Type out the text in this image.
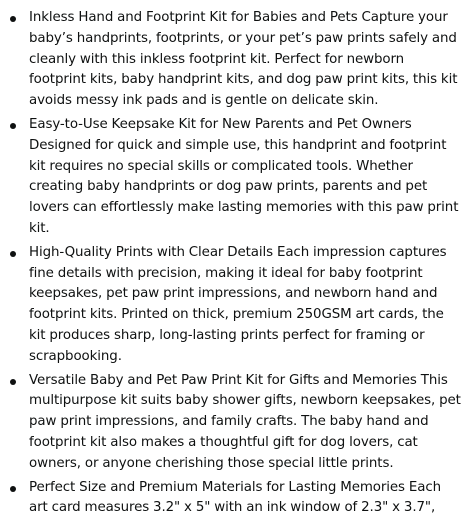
Inkless Hand and Footprint Kit for Babies and Pets Capture your baby’s handprints, footprints, or your pet’s paw prints safely and cleanly with this inkless footprint kit. Perfect for newborn footprint kits, baby handprint kits, and dog paw print kits, this kit avoids messy ink pads and is gentle on delicate skin.
Easy-to-Use Keepsake Kit for New Parents and Pet Owners Designed for quick and simple use, this handprint and footprint kit requires no special skills or complicated tools. Whether creating baby handprints or dog paw prints, parents and pet lovers can effortlessly make lasting memories with this paw print kit.
High-Quality Prints with Clear Details Each impression captures fine details with precision, making it ideal for baby footprint keepsakes, pet paw print impressions, and newborn hand and footprint kits. Printed on thick, premium 250GSM art cards, the kit produces sharp, long-lasting prints perfect for framing or scrapbooking.
Versatile Baby and Pet Paw Print Kit for Gifts and Memories This multipurpose kit suits baby shower gifts, newborn keepsakes, pet paw print impressions, and family crafts. The baby hand and footprint kit also makes a thoughtful gift for dog lovers, cat owners, or anyone cherishing those special little prints.
Perfect Size and Premium Materials for Lasting Memories Each art card measures 3.2" x 5" with an ink window of 2.3" x 3.7",
